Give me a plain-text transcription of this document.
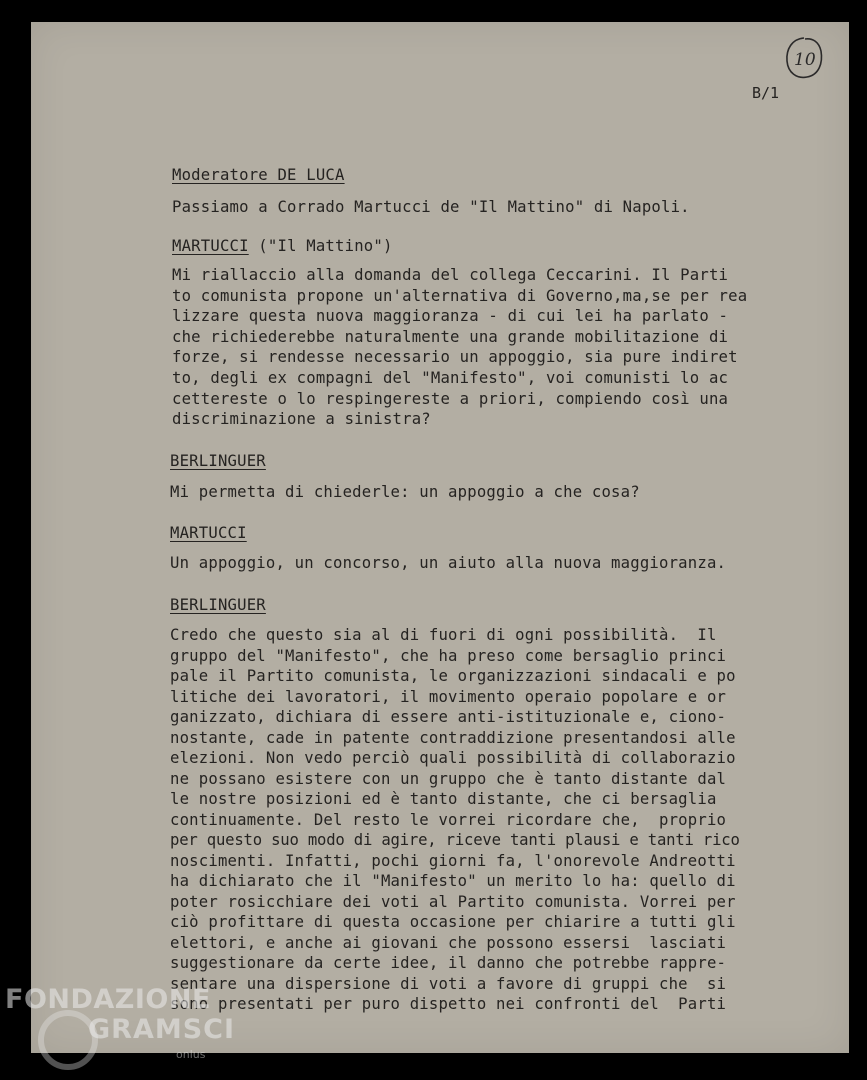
B/1
10
Moderatore DE LUCA
Passiamo a Corrado Martucci de "Il Mattino" di Napoli.
MARTUCCI ("Il Mattino")
Mi riallaccio alla domanda del collega Ceccarini. Il Parti
to comunista propone un'alternativa di Governo,ma,se per rea
lizzare questa nuova maggioranza - di cui lei ha parlato -
che richiederebbe naturalmente una grande mobilitazione di
forze, si rendesse necessario un appoggio, sia pure indiret
to, degli ex compagni del "Manifesto", voi comunisti lo ac
cettereste o lo respingereste a priori, compiendo così una
discriminazione a sinistra?
BERLINGUER
Mi permetta di chiederle: un appoggio a che cosa?
MARTUCCI
Un appoggio, un concorso, un aiuto alla nuova maggioranza.
BERLINGUER
Credo che questo sia al di fuori di ogni possibilità.  Il
gruppo del "Manifesto", che ha preso come bersaglio princi
pale il Partito comunista, le organizzazioni sindacali e po
litiche dei lavoratori, il movimento operaio popolare e or
ganizzato, dichiara di essere anti-istituzionale e, ciono-
nostante, cade in patente contraddizione presentandosi alle
elezioni. Non vedo perciò quali possibilità di collaborazio
ne possano esistere con un gruppo che è tanto distante dal
le nostre posizioni ed è tanto distante, che ci bersaglia
continuamente. Del resto le vorrei ricordare che,  proprio
per questo suo modo di agire, riceve tanti plausi e tanti rico
noscimenti. Infatti, pochi giorni fa, l'onorevole Andreotti
ha dichiarato che il "Manifesto" un merito lo ha: quello di
poter rosicchiare dei voti al Partito comunista. Vorrei per
ciò profittare di questa occasione per chiarire a tutti gli
elettori, e anche ai giovani che possono essersi  lasciati
suggestionare da certe idee, il danno che potrebbe rappre-
sentare una dispersione di voti a favore di gruppi che  si
sono presentati per puro dispetto nei confronti del  Parti
FONDAZIONE
GRAMSCI
onlus
